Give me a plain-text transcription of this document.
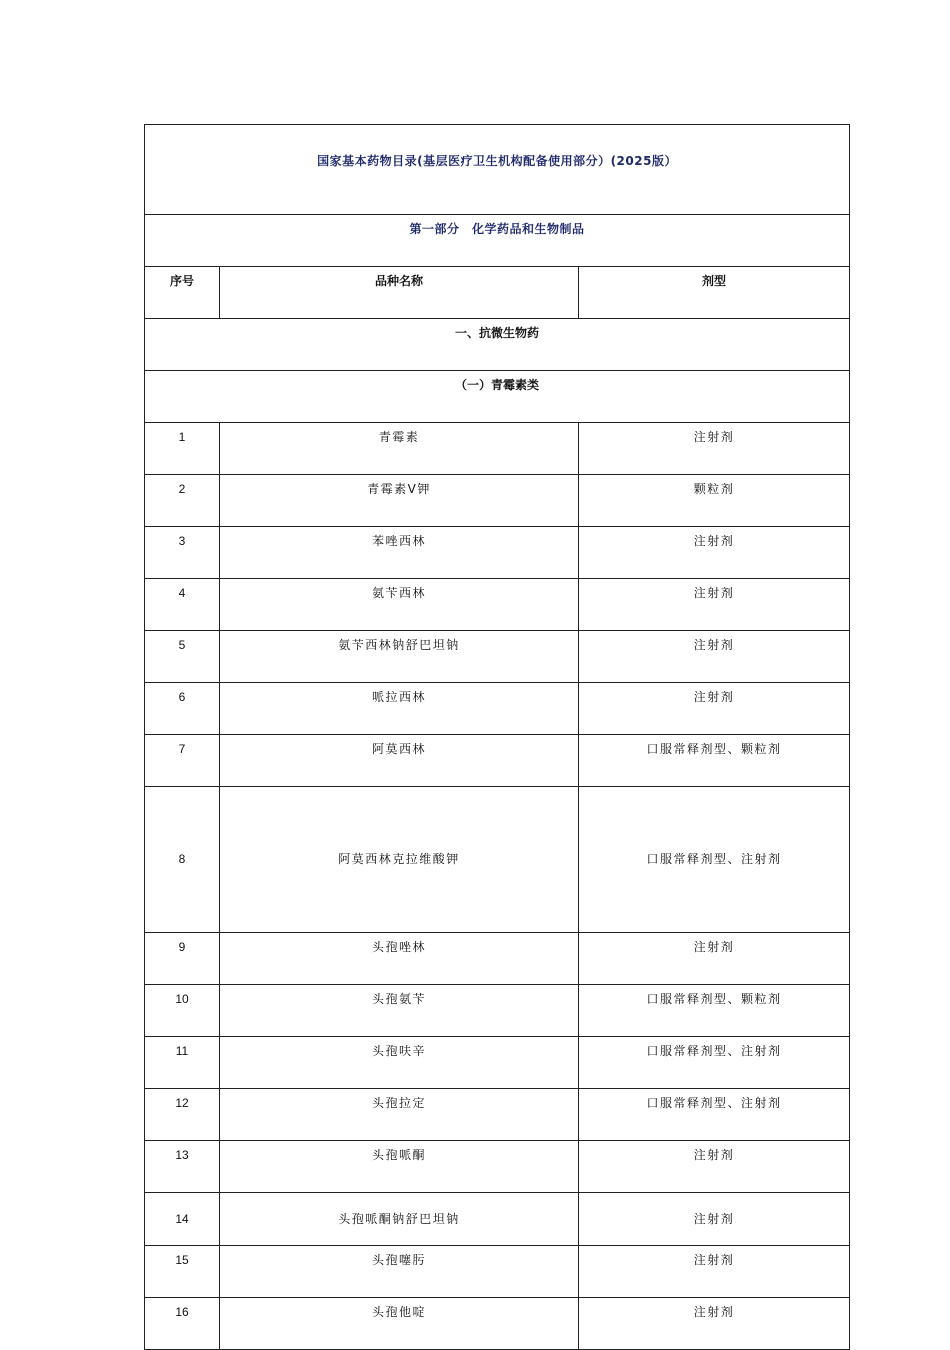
国家基本药物目录(基层医疗卫生机构配备使用部分）(2025版）		
第一部分　化学药品和生物制品		
序号	品种名称	剂型
一、抗微生物药		
（一）青霉素类		
1	青霉素	注射剂
2	青霉素Ⅴ钾	颗粒剂
3	苯唑西林	注射剂
4	氨苄西林	注射剂
5	氨苄西林钠舒巴坦钠	注射剂
6	哌拉西林	注射剂
7	阿莫西林	口服常释剂型、颗粒剂
8	阿莫西林克拉维酸钾	口服常释剂型、注射剂
9	头孢唑林	注射剂
10	头孢氨苄	口服常释剂型、颗粒剂
11	头孢呋辛	口服常释剂型、注射剂
12	头孢拉定	口服常释剂型、注射剂
13	头孢哌酮	注射剂
14	头孢哌酮钠舒巴坦钠	注射剂
15	头孢噻肟	注射剂
16	头孢他啶	注射剂
